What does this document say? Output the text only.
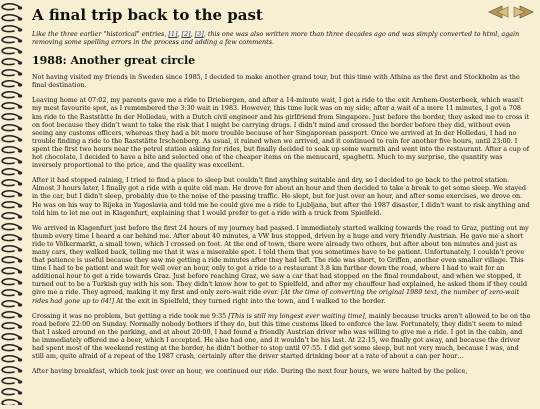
A final trip back to the past

Like the three earlier "historical" entries, [1], [2], [3], this one was also written more than three decades ago and was simply converted to html, again removing some spelling errors in the process and adding a few comments.

1988: Another great circle

Not having visited my friends in Sweden since 1985, I decided to make another grand tour, but this time with Athina as the first and Stockholm as the final destination.

Leaving home at 07:02, my parents gave me a ride to Driebergen, and after a 14-minute wait, I got a ride to the exit Arnhem-Oosterbeek, which wasn't my most favourite spot, as I remembered the 3:30 wait in 1983. However, this time luck was on my side; after a wait of a mere 11 minutes, I got a 708 km ride to the Raststätte In der Holledau, with a Dutch civil engineer and his girlfriend from Singapore. Just before the border, they asked me to cross it on foot because they didn't want to take the risk that I might be carrying drugs. I didn't mind and crossed the border before they did, without even seeing any customs officers, whereas they had a bit more trouble because of her Singaporean passport. Once we arrived at In der Holledau, I had no trouble finding a ride to the Raststätte Irschenberg. As usual, it rained when we arrived, and it continued to rain for another five hours, until 23:00. I spent the first two hours near the petrol station asking for rides, but finally decided to soak up some warmth and went into the restaurant. After a cup of hot chocolate, I decided to have a bite and selected one of the cheaper items on the menucard, spaghetti. Much to my surprise, the quantity was inversely proportional to the price, and the quality was excellent.

After it had stopped raining, I tried to find a place to sleep but couldn't find anything suitable and dry, so I decided to go back to the petrol station. Almost 3 hours later, I finally got a ride with a quite old man. He drove for about an hour and then decided to take a break to get some sleep. We stayed in the car, but I didn't sleep, probably due to the noise of the passing traffic. He slept, but for just over an hour, and after some exercises, we drove on. He was on his way to Rijeka in Yugoslavia and told me he could give me a ride to Ljubljana, but after the 1987 disaster, I didn't want to risk anything and told him to let me out in Klagenfurt, explaining that I would prefer to get a ride with a truck from Spielfeld.

We arrived in Klagenfurt just before the first 24 hours of my journey had passed. I immediately started walking towards the road to Graz, putting out my thumb every time I heard a car behind me. After about 40 minutes, a VW bus stopped, driven by a huge and very friendly Austrian. He gave me a short ride to Völkermarkt, a small town, which I crossed on foot. At the end of town, there were already two others, but after about ten minutes and just as many cars, they walked back, telling me that it was a miserable spot. I told them that you sometimes have to be patient. Unfortunately, I couldn't prove that patience is useful because they saw me getting a ride minutes after they had left. The ride was short, to Griffen, another even smaller village. This time I had to be patient and wait for well over an hour, only to get a ride to a restaurant 3.8 km further down the road, where I had to wait for an additional hour to get a ride towards Graz. Just before reaching Graz, we saw a car that had stopped on the final roundabout, and when we stopped, it turned out to be a Turkish guy with his son. They didn't know how to get to Spielfeld, and after my chauffeur had explained, he asked them if they could give me a ride. They agreed, making it my first and only zero-wait ride ever. [At the time of converting the original 1989 text, the number of zero-wait rides had gone up to 64!] At the exit in Spielfeld, they turned right into the town, and I walked to the border.

Crossing it was no problem, but getting a ride took me 9:35 [This is still my longest ever waiting time], mainly because trucks aren't allowed to be on the road before 22:00 on Sunday. Normally nobody bothers if they do, but this time customs liked to enforce the law. Fortunately, they didn't seem to mind that I asked around on the parking, and at about 20:00, I had found a friendly Austrian driver who was willing to give me a ride. I got in the cabin, and he immediately offered me a beer, which I accepted. He also had one, and it wouldn't be his last. At 22:15, we finally got away, and because the driver had spent most of the weekend resting at the border, he didn't bother to stop until 07:55. I did get some sleep, but not very much, because I was, and still am, quite afraid of a repeat of the 1987 crash, certainly after the driver started drinking beer at a rate of about a can per hour…

After having breakfast, which took just over an hour, we continued our ride. During the next four hours, we were halted by the police,
